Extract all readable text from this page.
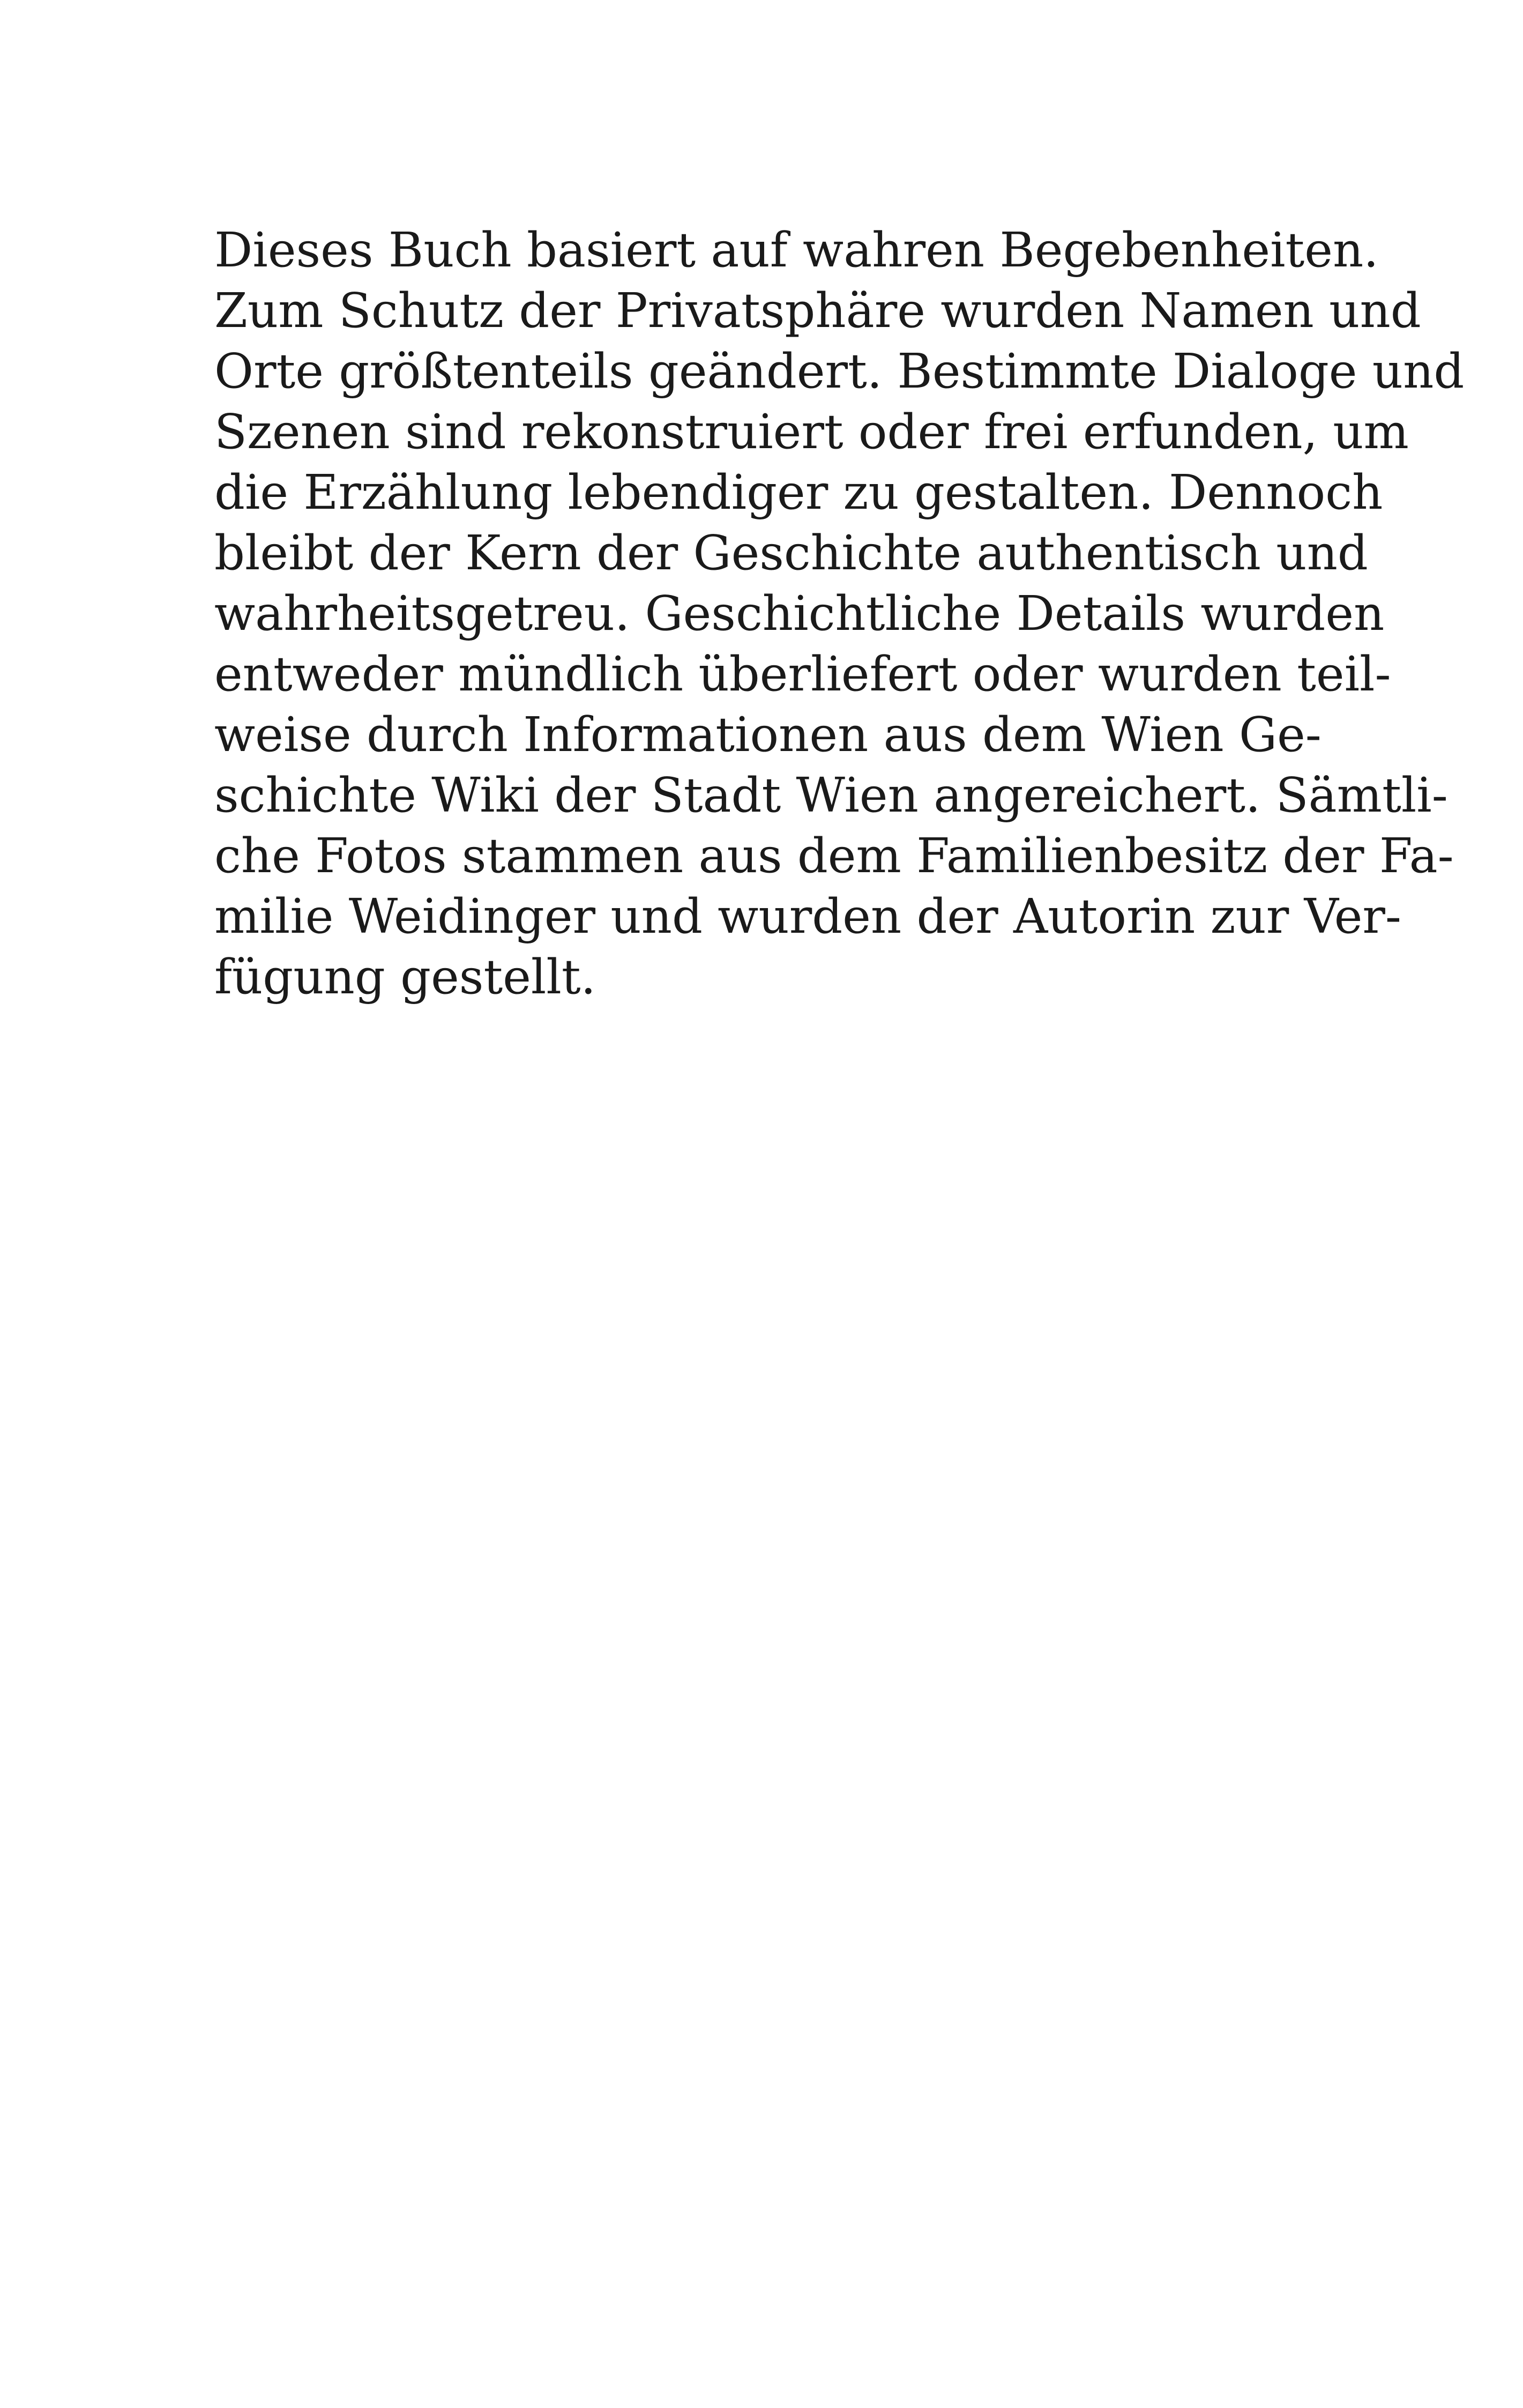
Dieses Buch basiert auf wahren Begebenheiten.
Zum Schutz der Privatsphäre wurden Namen und
Orte größtenteils geändert. Bestimmte Dialoge und
Szenen sind rekonstruiert oder frei erfunden, um
die Erzählung lebendiger zu gestalten. Dennoch
bleibt der Kern der Geschichte authentisch und
wahrheitsgetreu. Geschichtliche Details wurden
entweder mündlich überliefert oder wurden teil-
weise durch Informationen aus dem Wien Ge-
schichte Wiki der Stadt Wien angereichert. Sämtli-
che Fotos stammen aus dem Familienbesitz der Fa-
milie Weidinger und wurden der Autorin zur Ver-
fügung gestellt.
